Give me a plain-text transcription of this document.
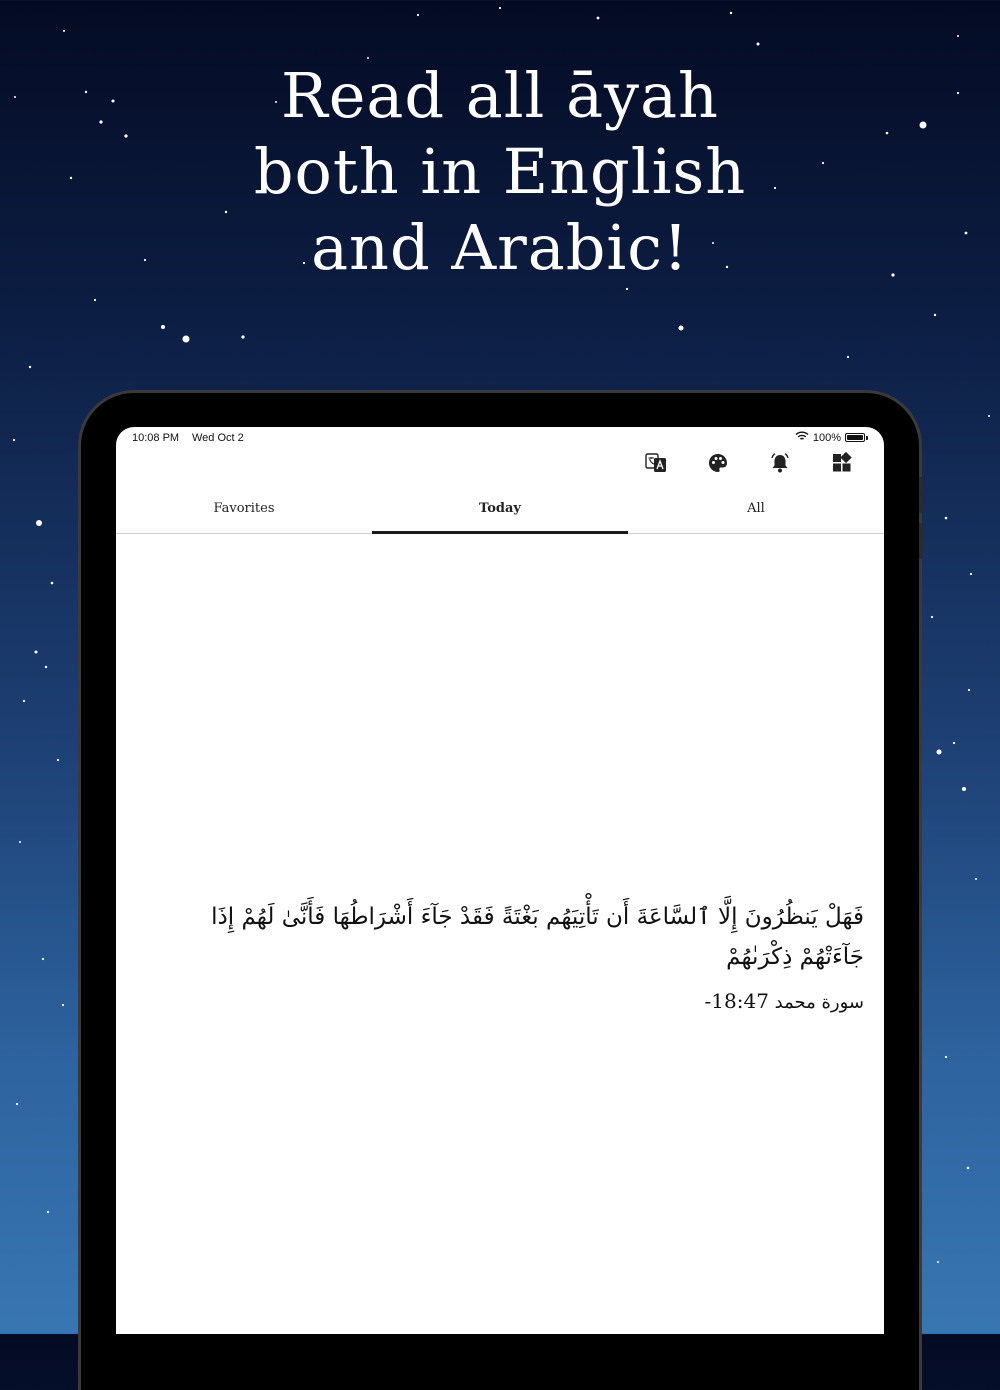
Read all āyah
both in English
and Arabic!
10:08 PM Wed Oct 2	100%
Favorites	Today	All
فَهَلْ يَنظُرُونَ إِلَّا ٱلسَّاعَةَ أَن تَأْتِيَهُم بَغْتَةً فَقَدْ جَآءَ أَشْرَاطُهَا فَأَنَّىٰ لَهُمْ إِذَا جَآءَتْهُمْ ذِكْرَىٰهُمْ
سورة محمد 18:47-
